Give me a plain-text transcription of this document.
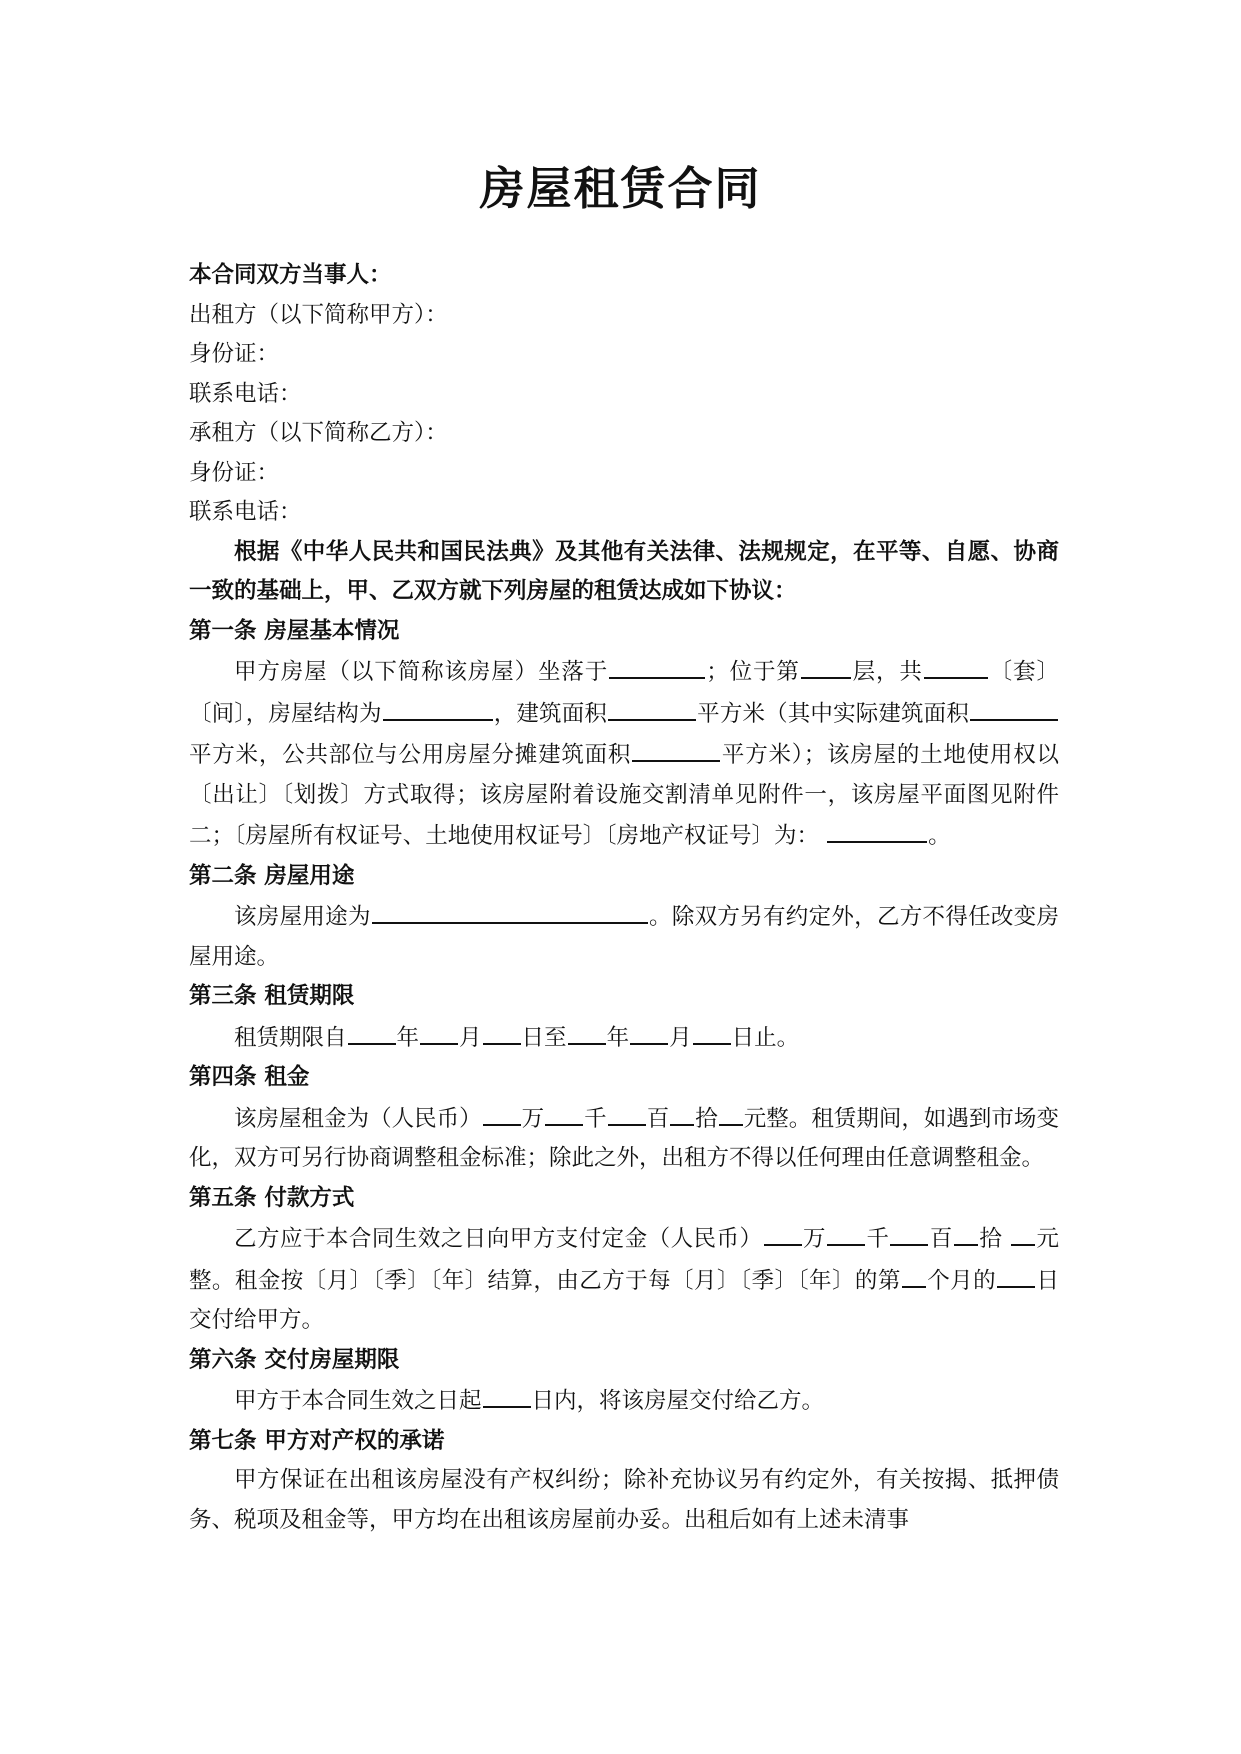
房屋租赁合同

本合同双方当事人：

出租方（以下简称甲方）：

身份证：

联系电话：

承租方（以下简称乙方）：

身份证：

联系电话：

根据《中华人民共和国民法典》及其他有关法律、法规规定，在平等、自愿、协商一致的基础上，甲、乙双方就下列房屋的租赁达成如下协议：

第一条 房屋基本情况

甲方房屋（以下简称该房屋）坐落于	；位于第 层，共	〔套〕〔间〕，房屋结构为	，建筑面积	平方米（其中实际建筑面积平方米，公共部位与公用房屋分摊建筑面积	平方米）；该房屋的土地使用权以〔出让〕〔划拨〕方式取得；该房屋附着设施交割清单见附件一，该房屋平面图见附件二；〔房屋所有权证号、土地使用权证号〕〔房地产权证号〕为：	。

第二条 房屋用途

该房屋用途为	。除双方另有约定外，乙方不得任改变房屋用途。

第三条 租赁期限

租赁期限自 年 月 日至 年 月 日止。

第四条 租金

该房屋租金为（人民币） 万 千 百 拾 元整。租赁期间，如遇到市场变化，双方可另行协商调整租金标准；除此之外，出租方不得以任何理由任意调整租金。

第五条 付款方式

乙方应于本合同生效之日向甲方支付定金（人民币） 万 千 百 拾 元整。租金按〔月〕〔季〕〔年〕结算，由乙方于每〔月〕〔季〕〔年〕的第 个月的 日交付给甲方。

第六条 交付房屋期限

甲方于本合同生效之日起 日内，将该房屋交付给乙方。

第七条 甲方对产权的承诺

甲方保证在出租该房屋没有产权纠纷；除补充协议另有约定外，有关按揭、抵押债务、税项及租金等，甲方均在出租该房屋前办妥。出租后如有上述未清事
